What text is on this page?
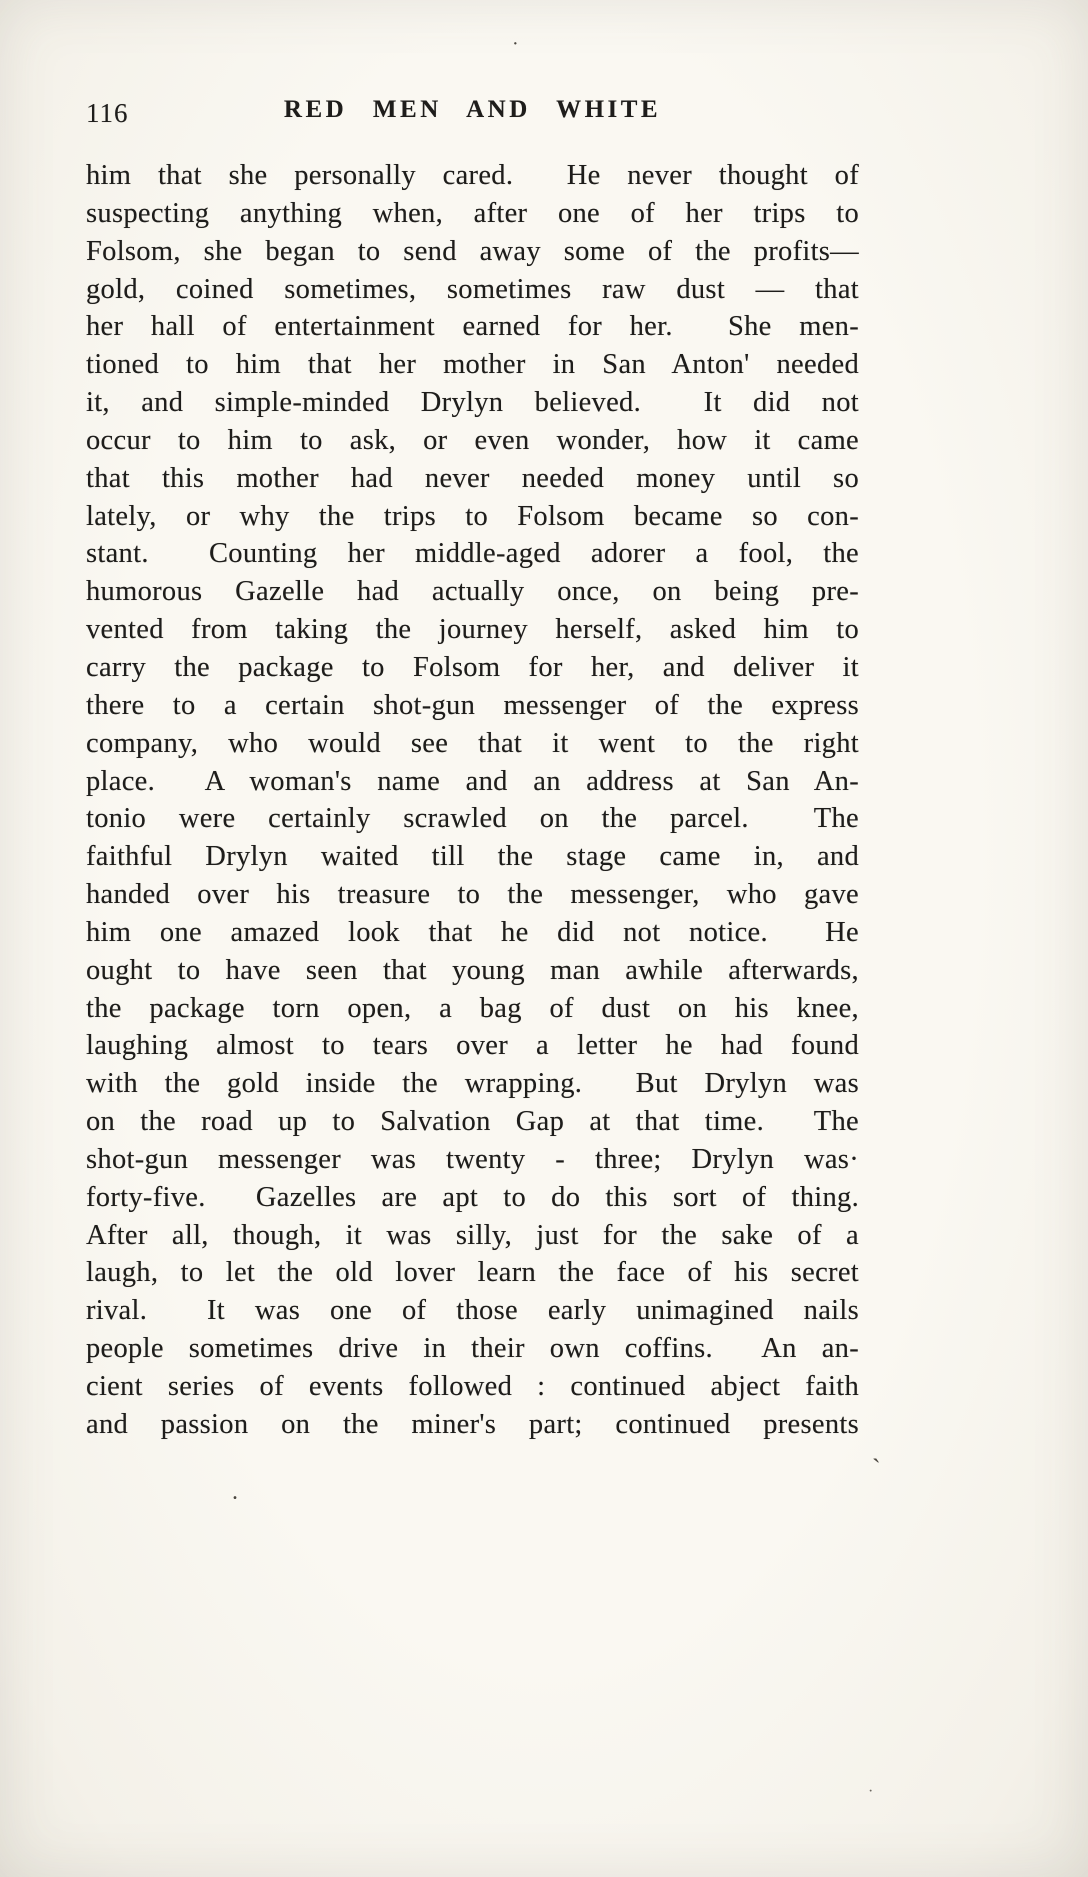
116	RED MEN AND WHITE
him that she personally cared.  He never thought of
suspecting anything when, after one of her trips to
Folsom, she began to send away some of the profits—
gold, coined sometimes, sometimes raw dust — that
her hall of entertainment earned for her.  She men-
tioned to him that her mother in San Anton' needed
it, and simple-minded Drylyn believed.  It did not
occur to him to ask, or even wonder, how it came
that this mother had never needed money until so
lately, or why the trips to Folsom became so con-
stant.  Counting her middle-aged adorer a fool, the
humorous Gazelle had actually once, on being pre-
vented from taking the journey herself, asked him to
carry the package to Folsom for her, and deliver it
there to a certain shot-gun messenger of the express
company, who would see that it went to the right
place.  A woman's name and an address at San An-
tonio were certainly scrawled on the parcel.  The
faithful Drylyn waited till the stage came in, and
handed over his treasure to the messenger, who gave
him one amazed look that he did not notice.  He
ought to have seen that young man awhile afterwards,
the package torn open, a bag of dust on his knee,
laughing almost to tears over a letter he had found
with the gold inside the wrapping.  But Drylyn was
on the road up to Salvation Gap at that time.  The
shot-gun messenger was twenty - three; Drylyn was·
forty-five.  Gazelles are apt to do this sort of thing.
After all, though, it was silly, just for the sake of a
laugh, to let the old lover learn the face of his secret
rival.  It was one of those early unimagined nails
people sometimes drive in their own coffins.  An an-
cient series of events followed : continued abject faith
and passion on the miner's part; continued presents
·
.
ˏ
·
